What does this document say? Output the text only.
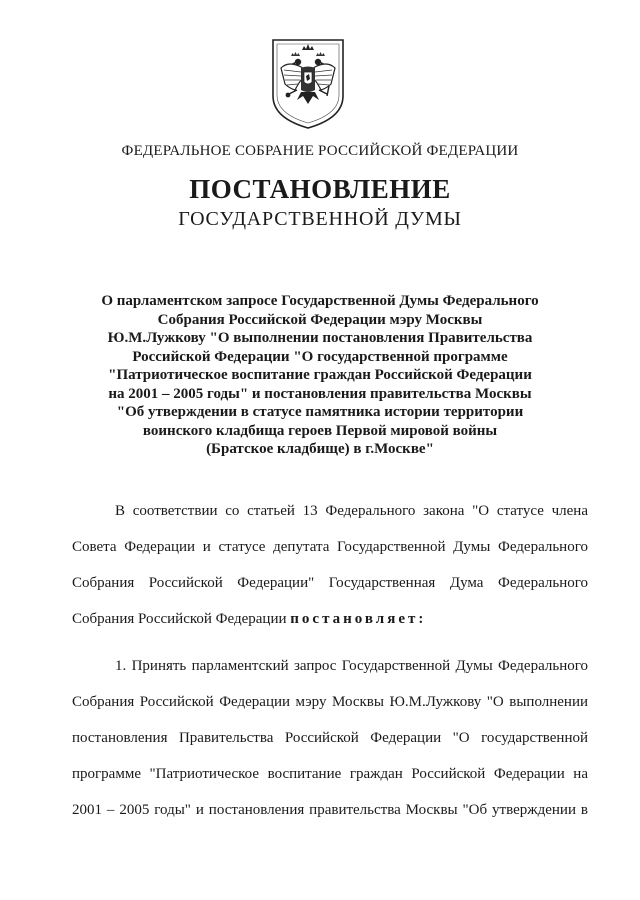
ФЕДЕРАЛЬНОЕ СОБРАНИЕ РОССИЙСКОЙ ФЕДЕРАЦИИ
ПОСТАНОВЛЕНИЕ
ГОСУДАРСТВЕННОЙ ДУМЫ
О парламентском запросе Государственной Думы Федерального
Собрания Российской Федерации мэру Москвы
Ю.М.Лужкову "О выполнении постановления Правительства
Российской Федерации "О государственной программе
"Патриотическое воспитание граждан Российской Федерации
на 2001 – 2005 годы" и постановления правительства Москвы
"Об утверждении в статусе памятника истории территории
воинского кладбища героев Первой мировой войны
(Братское кладбище) в г.Москве"
В соответствии со статьей 13 Федерального закона "О статусе члена
Совета Федерации и статусе депутата Государственной Думы Федерального
Собрания Российской Федерации" Государственная Дума Федерального
Собрания Российской Федерации постановляет:
1. Принять парламентский запрос Государственной Думы Федерального
Собрания Российской Федерации мэру Москвы Ю.М.Лужкову "О выполнении
постановления Правительства Российской Федерации "О государственной
программе "Патриотическое воспитание граждан Российской Федерации на
2001 – 2005 годы" и постановления правительства Москвы "Об утверждении в
